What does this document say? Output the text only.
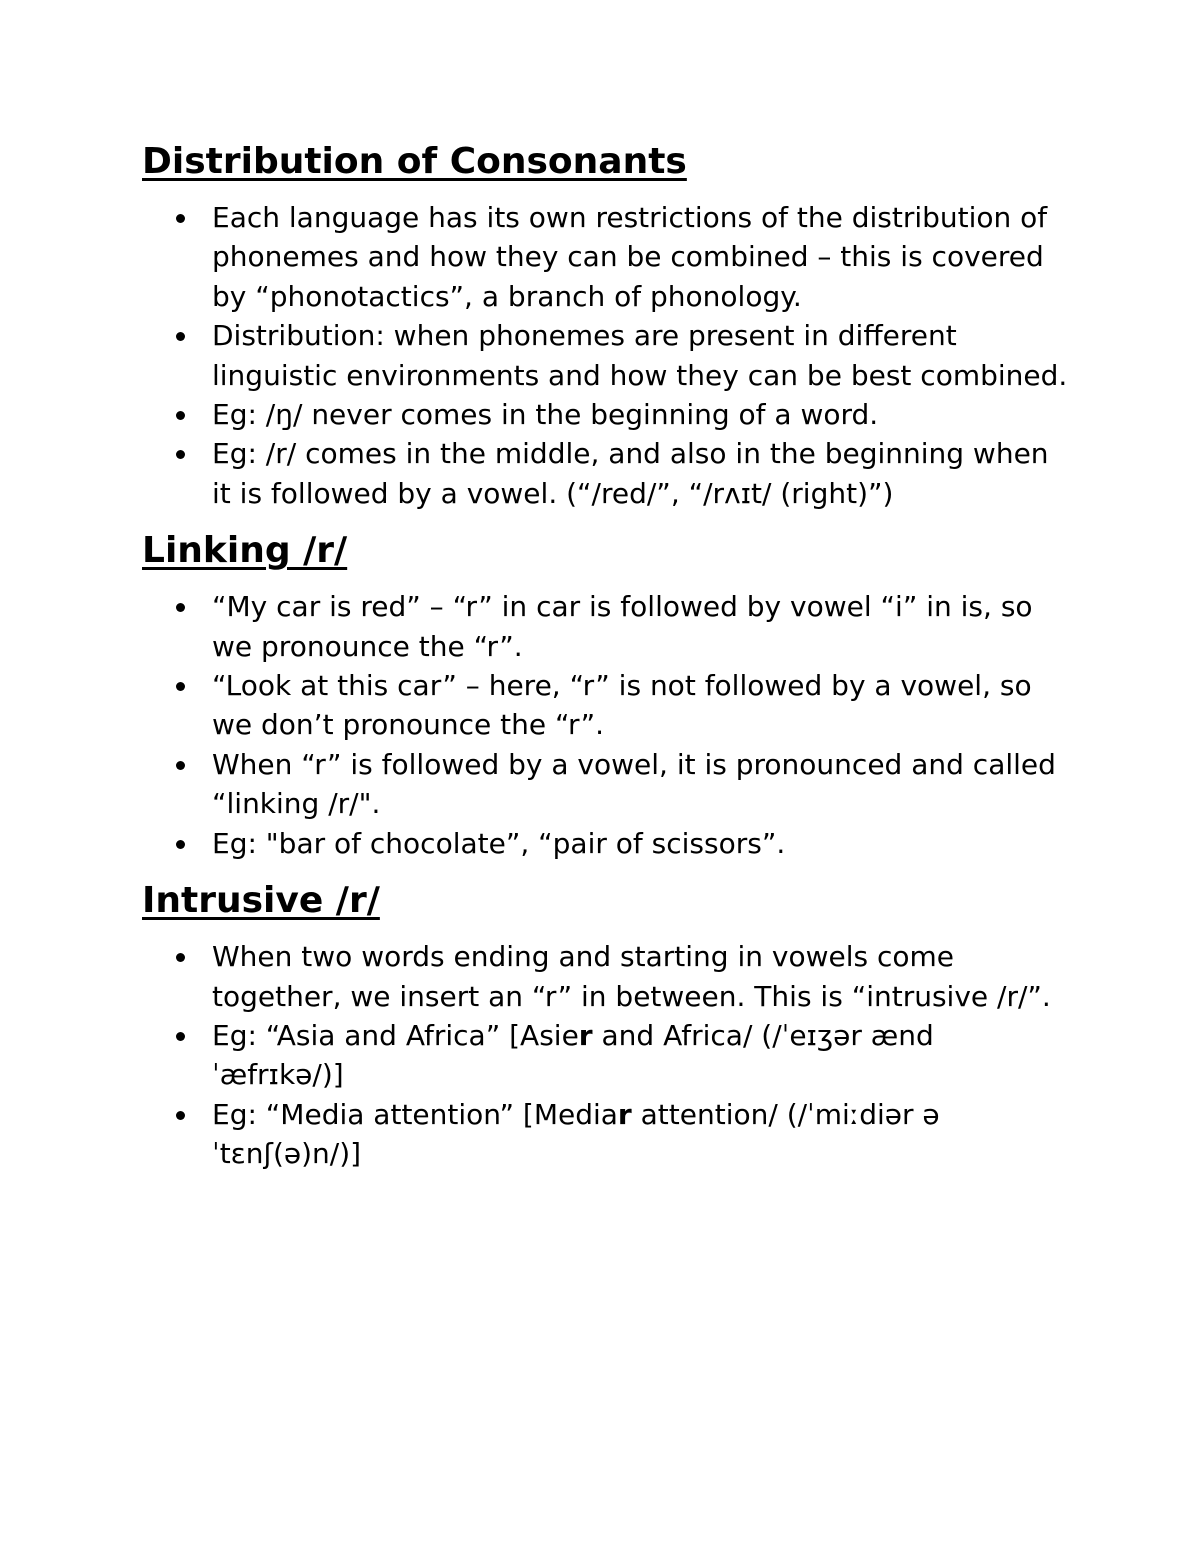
Distribution of Consonants
Each language has its own restrictions of the distribution of phonemes and how they can be combined – this is covered by “phonotactics”, a branch of phonology.
Distribution: when phonemes are present in different linguistic environments and how they can be best combined.
Eg: /ŋ/ never comes in the beginning of a word.
Eg: /r/ comes in the middle, and also in the beginning when it is followed by a vowel. (“/red/”, “/rʌɪt/ (right)”)
Linking /r/
“My car is red” – “r” in car is followed by vowel “i” in is, so we pronounce the “r”.
“Look at this car” – here, “r” is not followed by a vowel, so we don’t pronounce the “r”.
When “r” is followed by a vowel, it is pronounced and called “linking /r/".
Eg: "bar of chocolate”, “pair of scissors”.
Intrusive /r/
When two words ending and starting in vowels come together, we insert an “r” in between. This is “intrusive /r/”.
Eg: “Asia and Africa” [Asier and Africa/ (/ˈeɪʒər ænd ˈæfrɪkə/)]
Eg: “Media attention” [Mediar attention/ (/ˈmiːdiər ə ˈtɛnʃ(ə)n/)]
